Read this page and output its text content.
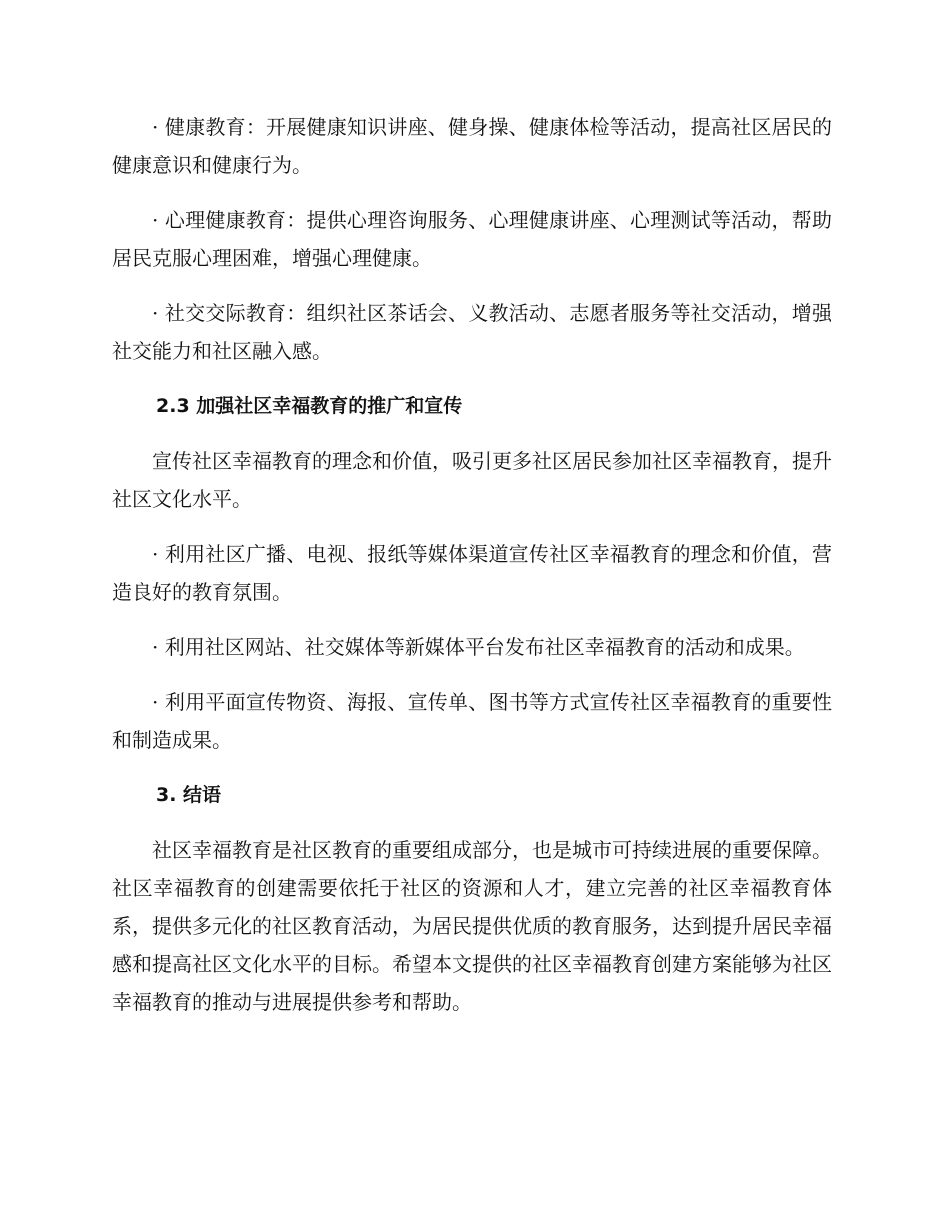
· 健康教育：开展健康知识讲座、健身操、健康体检等活动，提高社区居民的健康意识和健康行为。

· 心理健康教育：提供心理咨询服务、心理健康讲座、心理测试等活动，帮助居民克服心理困难，增强心理健康。

· 社交交际教育：组织社区茶话会、义教活动、志愿者服务等社交活动，增强社交能力和社区融入感。

2.3 加强社区幸福教育的推广和宣传

宣传社区幸福教育的理念和价值，吸引更多社区居民参加社区幸福教育，提升社区文化水平。

· 利用社区广播、电视、报纸等媒体渠道宣传社区幸福教育的理念和价值，营造良好的教育氛围。

· 利用社区网站、社交媒体等新媒体平台发布社区幸福教育的活动和成果。

· 利用平面宣传物资、海报、宣传单、图书等方式宣传社区幸福教育的重要性和制造成果。

3. 结语

社区幸福教育是社区教育的重要组成部分，也是城市可持续进展的重要保障。社区幸福教育的创建需要依托于社区的资源和人才，建立完善的社区幸福教育体系，提供多元化的社区教育活动，为居民提供优质的教育服务，达到提升居民幸福感和提高社区文化水平的目标。希望本文提供的社区幸福教育创建方案能够为社区幸福教育的推动与进展提供参考和帮助。
